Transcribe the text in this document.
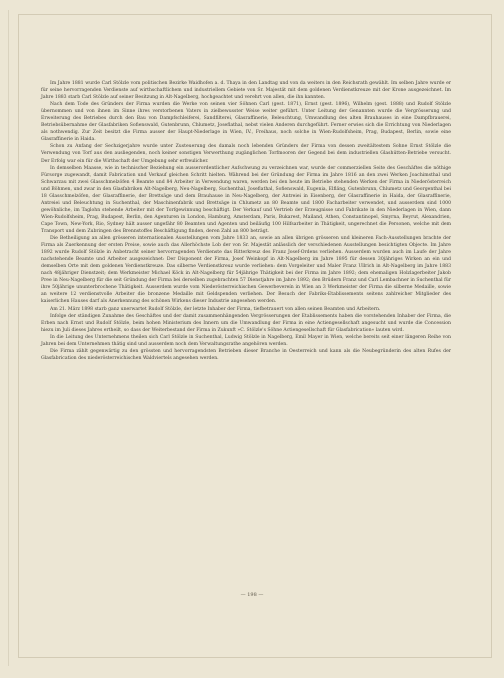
Im Jahre 1881 wurde Carl Stölzle vom politischen Bezirke Waidhofen a. d. Thaya in den Landtag und von da weiters in den Reichsrath gewählt. Im selben Jahre wurde er für seine hervorragenden Verdienste auf wirthschaftlichem und industriellem Gebiete von Sr. Majestät mit dem goldenen Verdienstkreuze mit der Krone ausgezeichnet. Im Jahre 1883 starb Carl Stölzle auf seiner Besitzung in Alt-Nagelberg, hochgeachtet und verehrt von allen, die ihn kannten.

Nach dem Tode des Gründers der Firma wurden die Werke von seinen vier Söhnen Carl (gest. 1871), Ernst (gest. 1896), Wilhelm (gest. 1888) und Rudolf Stölzle übernommen und von ihnen im Sinne ihres verstorbenen Vaters in zielbewusster Weise weiter geführt. Unter Leitung der Genannten wurde die Vergrösserung und Erweiterung des Betriebes durch den Bau von Dampfschleiferei, Sandfilterei, Glasraffinerie, Beleuchtung, Umwandlung des alten Brauhauses in eine Dampfbrauerei, Betriebsübernahme der Glasfabriken Sofienswald, Gutenbrunn, Chlumetz, Joseflathal, nebst vielen Anderen durchgeführt. Ferner erwies sich die Errichtung von Niederlagen als nothwendig. Zur Zeit besitzt die Firma ausser der Haupt-Niederlage in Wien, IV., Freihaus, noch solche in Wien-Rudolfsheim, Prag, Budapest, Berlin, sowie eine Glasraffinerie in Haida.

Schon zu Anfang der Sechzigerjahre wurde unter Zusteuerung des damals noch lebenden Gründers der Firma von dessen zweitältestem Sohne Ernst Stölzle die Verwendung von Torf aus den ausliegenden, noch keiner sonstigen Verwerthung zugänglichen Torfmooren der Gegend bei dem industriellen Glashütten-Betriebe versucht. Der Erfolg war ein für die Wirthschaft der Umgebung sehr erfreulicher.

In demselben Maasse, wie in technischer Beziehung ein ausserordentlicher Aufschwung zu verzeichnen war, wurde der commerziellen Seite des Geschäftes die nöthige Fürsorge zugewandt, damit Fabrication und Verkauf gleichen Schritt hielten. Während bei der Gründung der Firma im Jahre 1816 an den zwei Werken Joachimsthal und Schwarzau mit zwei Glasschmelzöfen 4 Beamte und 84 Arbeiter in Verwendung waren, werden bei den heute im Betriebe stehenden Werken der Firma in Niederösterreich und Böhmen, und zwar in den Glasfabriken Alt-Nagelberg, Neu-Nagelberg, Suchenthal, Joseflathal, Sofienswald, Eugenia, Elfläng, Gutenbrunn, Chlumetz und Georgenthal bei 18 Glasschmelzöfen, der Glasraffinerie, der Brettsäge und dem Brauhause in Neu-Nagelberg, der Antreiei in Eisenberg, der Glasraffinerie in Haida, der Glasraffinerie, Antreiei und Beleuchtung in Suchenthal, der Maschinenfabrik und Brettsäge in Chlumetz an 80 Beamte und 1800 Facharbeiter verwendet, und ausserdem sind 1000 gewöhnliche, im Taglohn stehende Arbeiter mit der Torfgewinnung beschäftigt. Der Verkauf und Vertrieb der Erzeugnisse und Fabrikate in den Niederlagen in Wien, dann Wien-Rudolfsheim, Prag, Budapest, Berlin, den Agenturen in London, Hamburg, Amsterdam, Paris, Bukarest, Mailand, Athen, Constantinopel, Smyrna, Beyrut, Alexandrien, Cape Town, New-York, Rio, Sydney hält ausser ungefähr 80 Beamten und Agenten und beiläufig 100 Hilfsarbeiter in Thätigkeit, ungerechnet die Personen, welche mit dem Transport und dem Zubringen des Brennstoffes Beschäftigung finden, deren Zahl an 800 beträgt.

Die Betheiligung an allen grösseren internationalen Ausstellungen vom Jahre 1833 an, sowie an allen übrigen grösseren und kleineren Fach-Ausstellungen brachte der Firma als Zuerkennung der ersten Preise, sowie auch das Allerhöchste Lob der von Sr. Majestät anlässlich der verschiedenen Ausstellungen besichtigten Objecte. Im Jahre 1892 wurde Rudolf Stölzle in Anbetracht seiner hervorragenden Verdienste das Ritterkreuz des Franz Josef-Ordens verliehen. Ausserdem wurden auch im Laufe der Jahre nachstehende Beamte und Arbeiter ausgezeichnet: Der Disponent der Firma, Josef Weinkopf in Alt-Nagelberg im Jahre 1895 für dessen 30jähriges Wirken an ein und demselben Orte mit dem goldenen Verdienstkreuze. Das silberne Verdienstkreuz wurde verliehen: dem Vorgeleiter und Maler Franz Ullrich in Alt-Nagelberg im Jahre 1883 nach 48jähriger Dienstzeit; dem Werkmeister Michael Köck in Alt-Nagelberg für 54jährige Thätigkeit bei der Firma im Jahre 1892; dem ehemaligen Holzlagerbeiter Jakob Pree in Neu-Nagelberg für die seit Gründung der Firma bei derselben zugebrachten 57 Dienstjahre im Jahre 1892; den Brüdern Franz und Carl Lembachner in Suchenthal für ihre 50jährige ununterbrochene Thätigkeit. Ausserdem wurde vom Niederösterreichischen Gewerbevereín in Wien an 3 Werkmeister der Firma die silberne Medaille, sowie an weitere 12 verdienstvolle Arbeiter die bronzene Medaille mit Geldspenden verliehen. Der Besuch der Fabriks-Etablissements seitens zahlreicher Mitglieder des kaiserlichen Hauses darf als Anerkennung des schönen Wirkens dieser Industrie angesehen werden.

Am 21. März 1898 starb ganz unerwartet Rudolf Stölzle, der letzte Inhaber der Firma, tiefbetrauert von allen seinen Beamten und Arbeitern.

Infolge der ständigen Zunahme des Geschäftes und der damit zusammenhängenden Vergrösserungen der Etablissements haben die vorstehenden Inhaber der Firma, die Erben nach Ernst und Rudolf Stölzle, beim hohen Ministerium des Innern um die Umwandlung der Firma in eine Actiengesellschaft angesucht und wurde die Concession hiezu im Juli dieses Jahres ertheilt, so dass der Weiterbestand der Firma in Zukunft »C. Stölzle's Söhne Actiengesellschaft für Glasfabrication« lauten wird.

In die Leitung des Unternehmens theilen sich Carl Stölzle in Suchenthal, Ludwig Stölzle in Nagelberg, Emil Mayer in Wien, welche bereits seit einer längeren Reihe von Jahren bei dem Unternehmen thätig sind und ausserdem noch dem Verwaltungsrathe angehören werden.

Die Firma zählt gegenwärtig zu den grössten und hervorragendsten Betrieben dieser Branche in Oesterreich und kann als die Neubegründerin des alten Rufes der Glasfabrication des niederösterreichischen Waldviertels angesehen werden.

— 198 —
